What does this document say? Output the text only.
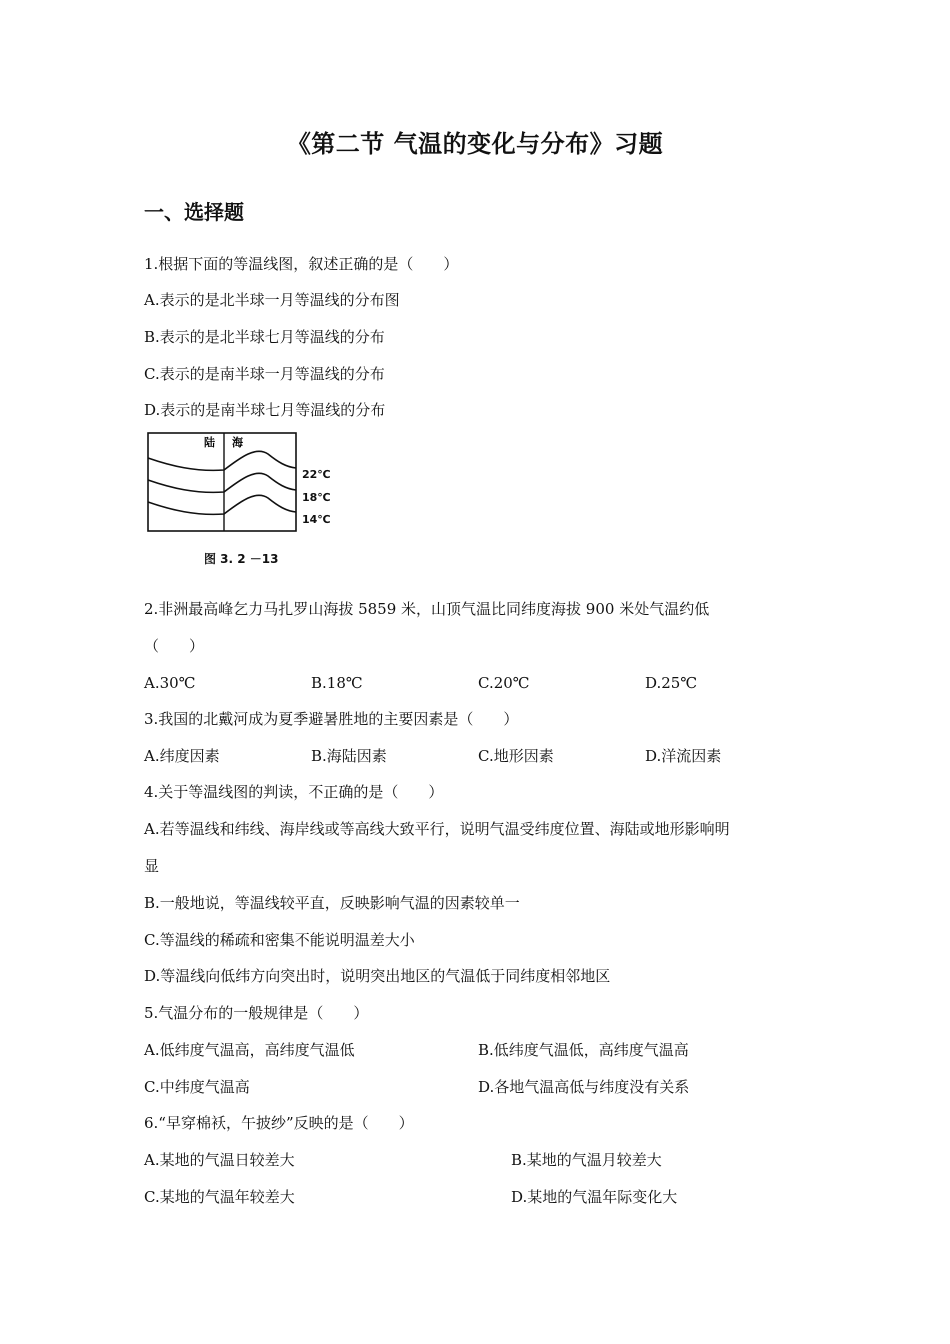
《第二节 气温的变化与分布》习题
一、选择题
1.根据下面的等温线图，叙述正确的是（　　）
A.表示的是北半球一月等温线的分布图
B.表示的是北半球七月等温线的分布
C.表示的是南半球一月等温线的分布
D.表示的是南半球七月等温线的分布
陆 海
22℃
18℃
14℃
图 3. 2 －13
2.非洲最高峰乞力马扎罗山海拔 5859 米，山顶气温比同纬度海拔 900 米处气温约低
（　　）
A.30℃	B.18℃	C.20℃	D.25℃
3.我国的北戴河成为夏季避暑胜地的主要因素是（　　）
A.纬度因素	B.海陆因素	C.地形因素	D.洋流因素
4.关于等温线图的判读，不正确的是（　　）
A.若等温线和纬线、海岸线或等高线大致平行，说明气温受纬度位置、海陆或地形影响明
显
B.一般地说，等温线较平直，反映影响气温的因素较单一
C.等温线的稀疏和密集不能说明温差大小
D.等温线向低纬方向突出时，说明突出地区的气温低于同纬度相邻地区
5.气温分布的一般规律是（　　）
A.低纬度气温高，高纬度气温低	B.低纬度气温低，高纬度气温高
C.中纬度气温高	D.各地气温高低与纬度没有关系
6.“早穿棉袄，午披纱”反映的是（　　）
A.某地的气温日较差大	B.某地的气温月较差大
C.某地的气温年较差大	D.某地的气温年际变化大
